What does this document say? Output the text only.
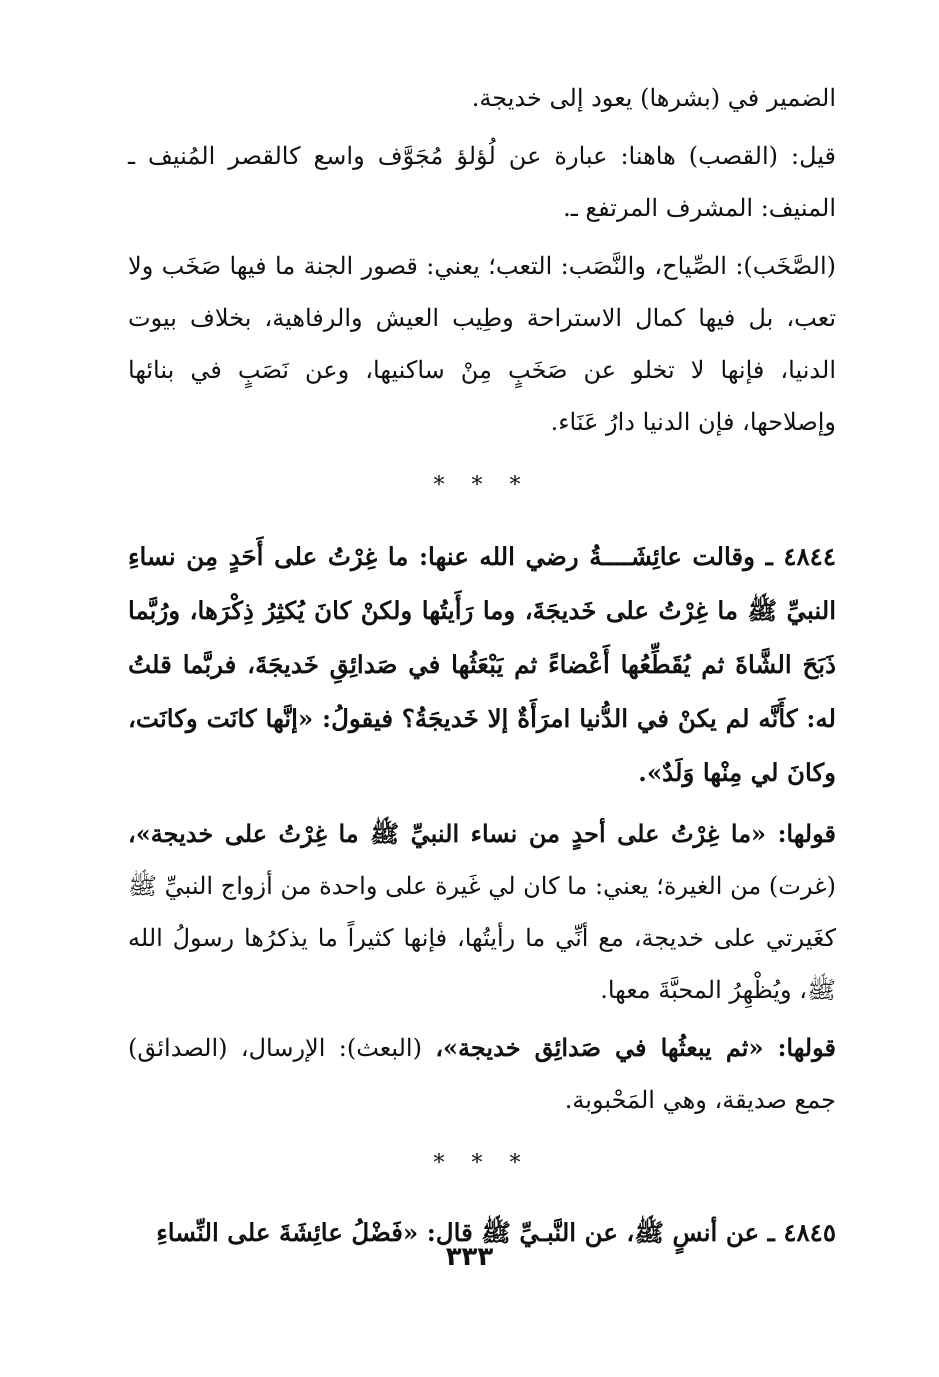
الضمير في (بشرها) يعود إلى خديجة.

قيل: (القصب) هاهنا: عبارة عن لُؤلؤ مُجَوَّف واسع كالقصر المُنيف ـ المنيف: المشرف المرتفع ـ.

(الصَّخَب): الصِّياح، والنَّصَب: التعب؛ يعني: قصور الجنة ما فيها صَخَب ولا تعب، بل فيها كمال الاستراحة وطِيب العيش والرفاهية، بخلاف بيوت الدنيا، فإنها لا تخلو عن صَخَبٍ مِنْ ساكنيها، وعن نَصَبٍ في بنائها وإصلاحها، فإن الدنيا دارُ عَنَاء.

* * *

٤٨٤٤ ـ وقالت عائِشَــــةُ رضي الله عنها: ما غِرْتُ على أَحَدٍ مِن نساءِ النبيِّ ﷺ ما غِرْتُ على خَديجَةَ، وما رَأَيتُها ولكنْ كانَ يُكثِرُ ذِكْرَها، ورُبَّما ذَبَحَ الشَّاةَ ثم يُقَطِّعُها أَعْضاءً ثم يَبْعَثُها في صَدائِقِ خَديجَةَ، فربَّما قلتُ له: كأَنَّه لم يكنْ في الدُّنيا امرَأَةٌ إلا خَديجَةُ؟ فيقولُ: «إنَّها كانَت وكانَت، وكانَ لي مِنْها وَلَدٌ».

قولها: «ما غِرْتُ على أحدٍ من نساء النبيِّ ﷺ ما غِرْتُ على خديجة»، (غرت) من الغيرة؛ يعني: ما كان لي غَيرة على واحدة من أزواج النبيِّ ﷺ كغَيرتي على خديجة، مع أنِّي ما رأيتُها، فإنها كثيراً ما يذكرُها رسولُ الله ﷺ، ويُظْهِرُ المحبَّةَ معها.

قولها: «ثم يبعثُها في صَدائِق خديجة»، (البعث): الإرسال، (الصدائق) جمع صديقة، وهي المَحْبوبة.

* * *

٤٨٤٥ ـ عن أنسٍ ﷺ، عن النَّبـيِّ ﷺ قال: «فَضْلُ عائِشَةَ على النِّساءِ

٣٣٣
